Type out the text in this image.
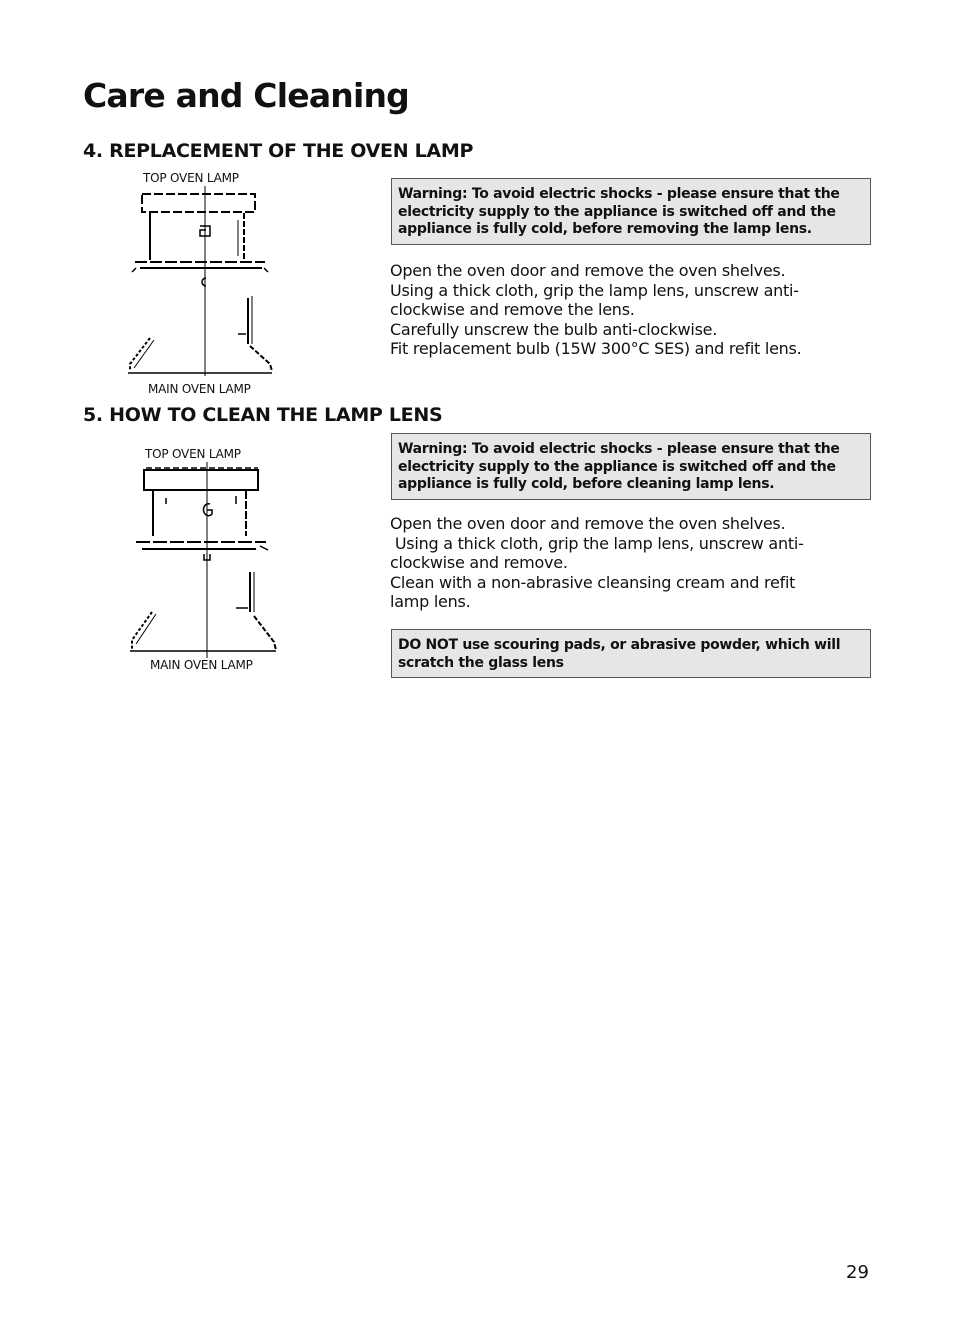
Care and Cleaning
4. REPLACEMENT OF THE OVEN LAMP
TOP OVEN LAMP
MAIN OVEN LAMP
Warning: To avoid electric shocks - please ensure that the electricity supply to the appliance is switched off and the appliance is fully cold, before removing the lamp lens.
Open the oven door and remove the oven shelves.
Using a thick cloth, grip the lamp lens, unscrew anti-
clockwise and remove the lens.
Carefully unscrew the bulb anti-clockwise.
Fit replacement bulb (15W 300°C SES) and refit lens.
5. HOW TO CLEAN THE LAMP LENS
TOP OVEN LAMP
MAIN OVEN LAMP
Warning: To avoid electric shocks - please ensure that the electricity supply to the appliance is switched off and the appliance is fully cold, before cleaning lamp lens.
Open the oven door and remove the oven shelves.
Using a thick cloth, grip the lamp lens, unscrew anti-
clockwise and remove.
Clean with a non-abrasive cleansing cream and refit
lamp lens.
DO NOT use scouring pads, or abrasive powder, which will scratch the glass lens
29
